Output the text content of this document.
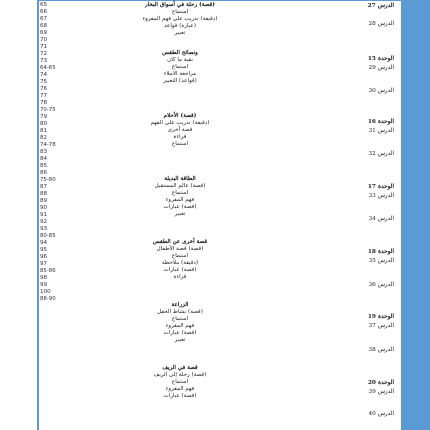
65
66
67
68
69
70
71
72
73
64-65
74
75
76
77
78
70-75
79
80
81
82
74-78
83
84
85
86
75-80
87
88
89
90
91
92
93
80-85
94
95
96
97
85-86
98
99
100
88-90
(قصة) رحلة في أسواق البخار
استماع
(دقيقة) تدريب على فهم المقروء
(عبارة) قواعد
تعبير
ونصائح الطقس
بقية ما كان
استماع
مراجعة الاملاء
(قواعد) التعبير
(قصة) الأحلام
(دقيقة) تدريب على الفهم
قصة أخرى
قراءة
استماع
الطاقة البديلة
(قصة) عالم المستقبل
استماع
فهم المقروء
(قصة) عبارات
تعبير
قصة أخرى عن الطقس
(قصة) قصة الأطفال
استماع
(دقيقة) ملاحظة
(قصة) عبارات
قراءة
الزراعة
(قصة) نشاط الحقل
استماع
فهم المقروء
(قصة) عبارات
تعبير
قصة في الريف
(قصة) رحلة إلى الريف
استماع
فهم المقروء
(قصة) عبارات
الدرس 27
الدرس 28
الوحدة 15
الدرس 29
الدرس 30
الوحدة 16
الدرس 31
الدرس 32
الوحدة 17
الدرس 33
الدرس 34
الوحدة 18
الدرس 35
الدرس 36
الوحدة 19
الدرس 37
الدرس 38
الوحدة 20
الدرس 39
الدرس 40
